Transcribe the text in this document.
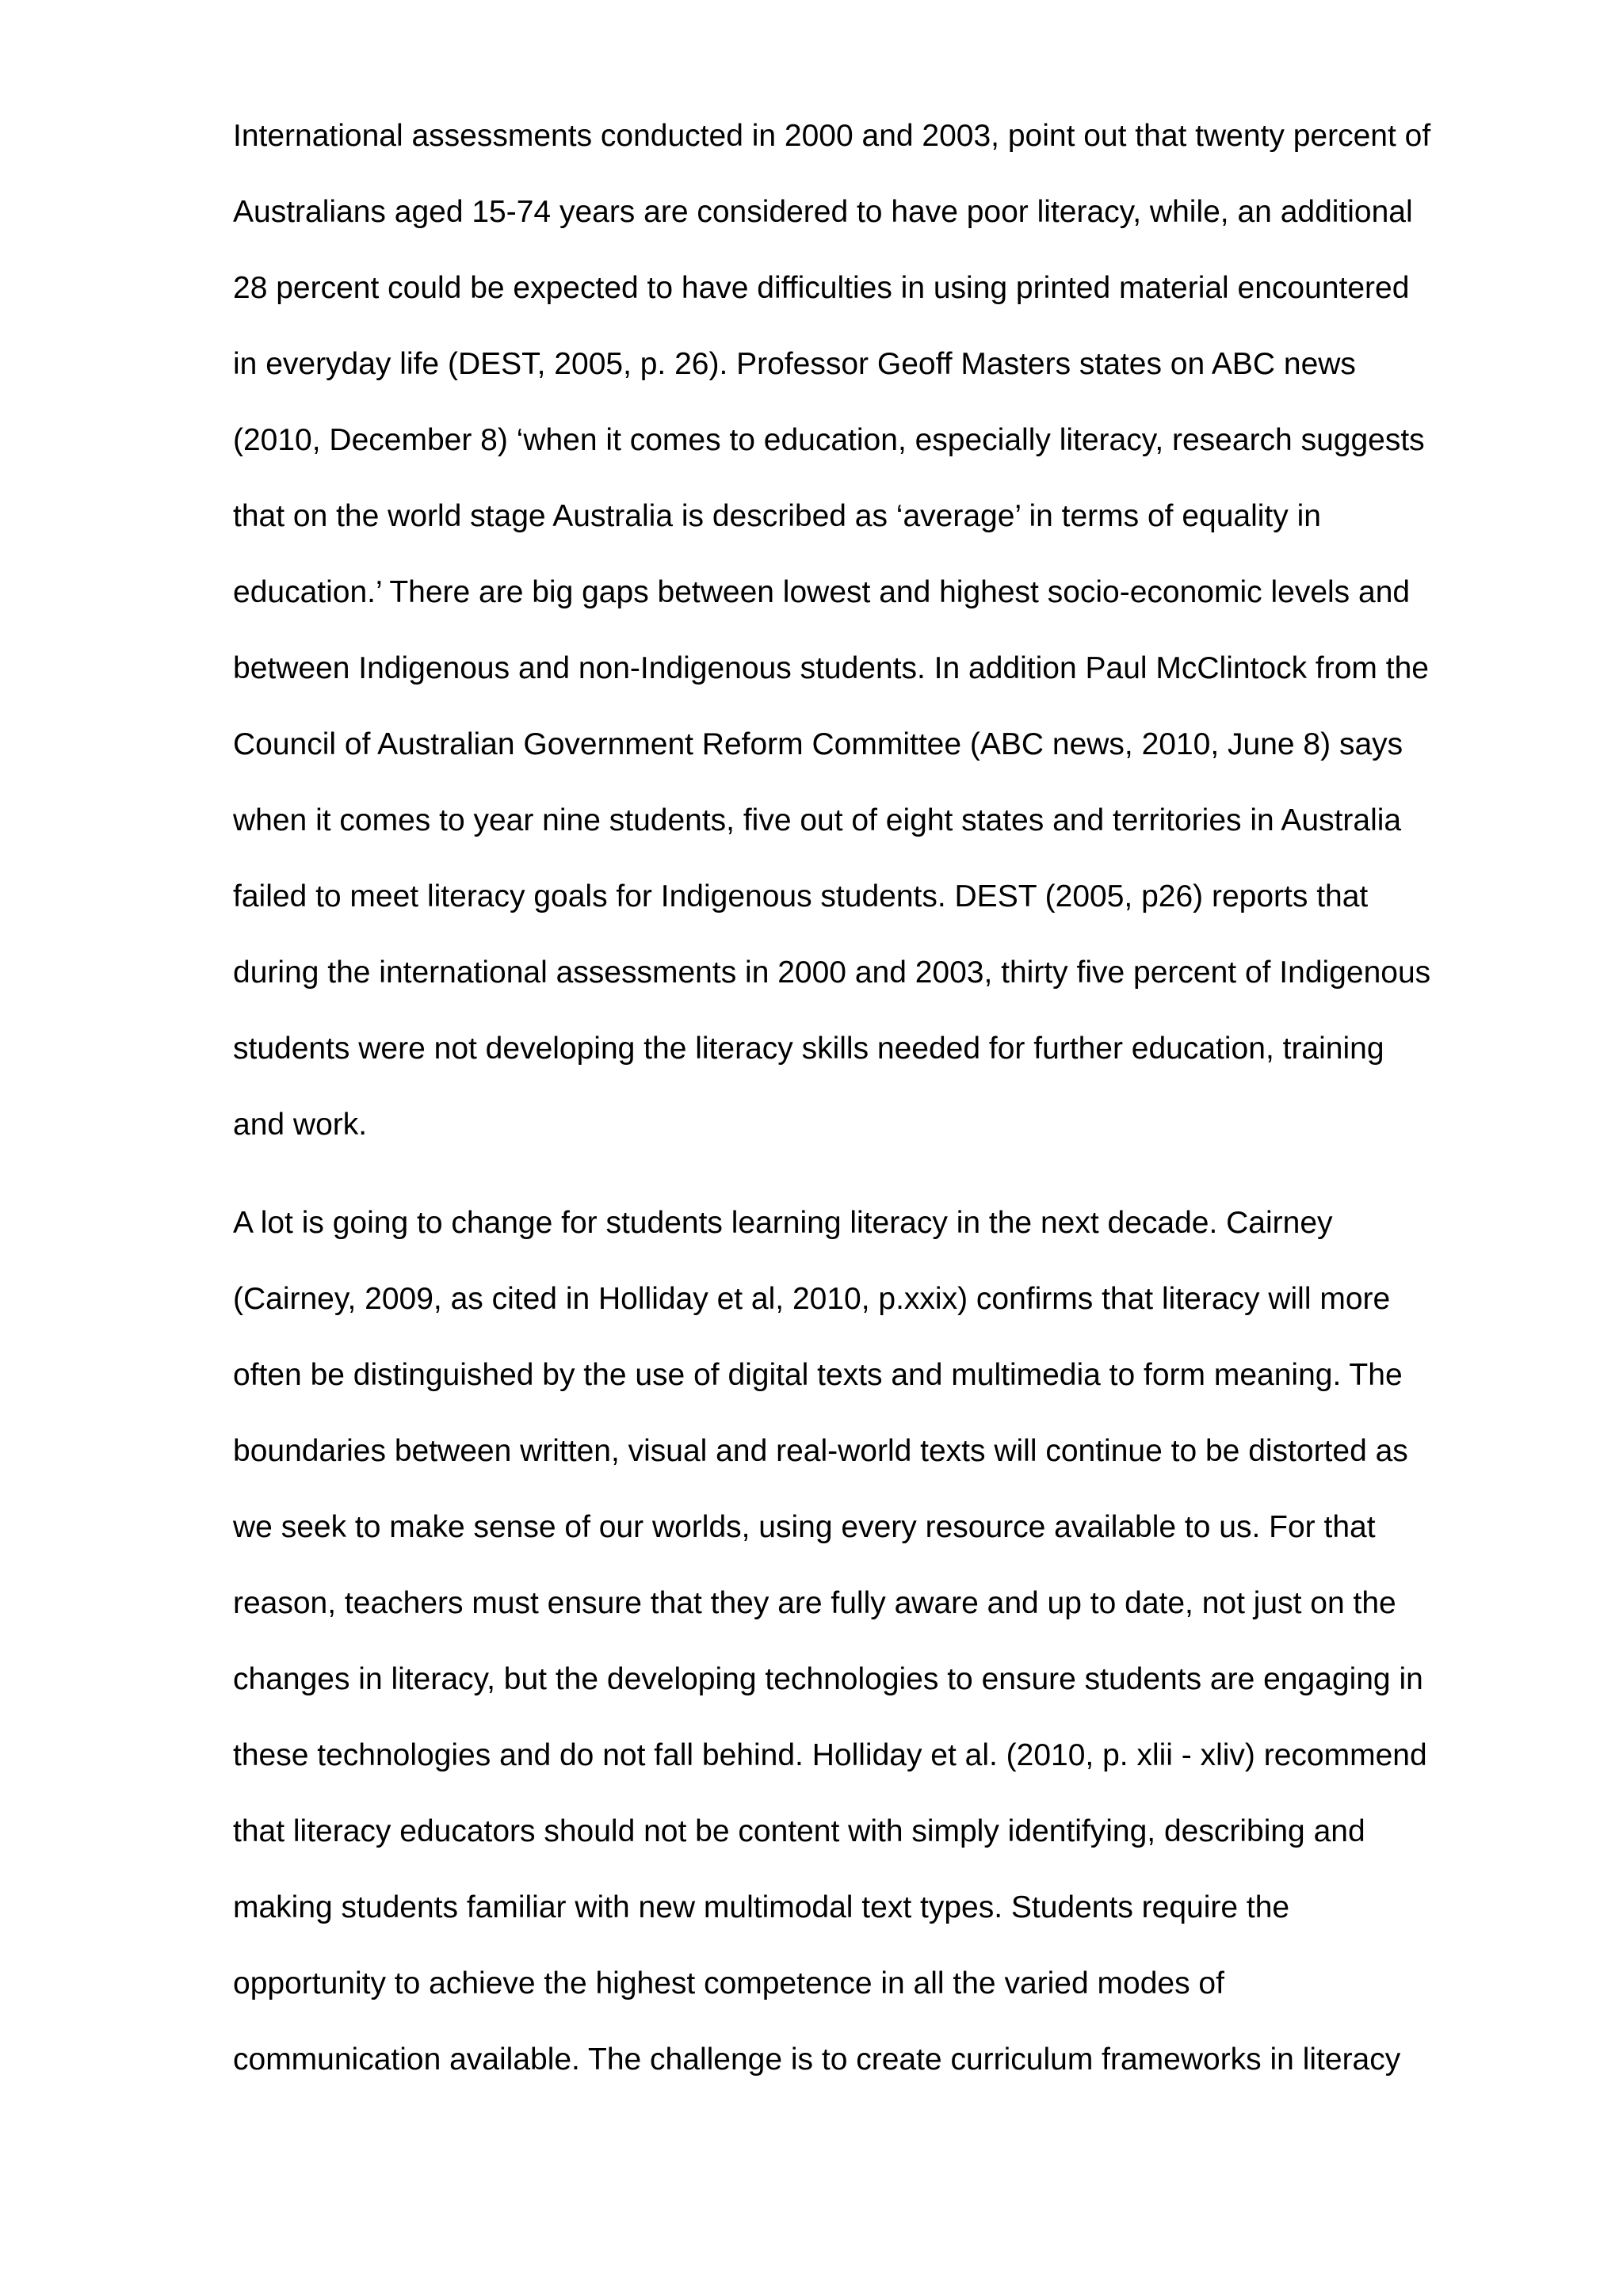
International assessments conducted in 2000 and 2003, point out that twenty percent of
Australians aged 15-74 years are considered to have poor literacy, while, an additional
28 percent could be expected to have difficulties in using printed material encountered
in everyday life (DEST, 2005, p. 26). Professor Geoff Masters states on ABC news
(2010, December 8) ‘when it comes to education, especially literacy, research suggests
that on the world stage Australia is described as ‘average’ in terms of equality in
education.’ There are big gaps between lowest and highest socio-economic levels and
between Indigenous and non-Indigenous students. In addition Paul McClintock from the
Council of Australian Government Reform Committee (ABC news, 2010, June 8) says
when it comes to year nine students, five out of eight states and territories in Australia
failed to meet literacy goals for Indigenous students. DEST (2005, p26) reports that
during the international assessments in 2000 and 2003, thirty five percent of Indigenous
students were not developing the literacy skills needed for further education, training
and work.
A lot is going to change for students learning literacy in the next decade. Cairney
(Cairney, 2009, as cited in Holliday et al, 2010, p.xxix) confirms that literacy will more
often be distinguished by the use of digital texts and multimedia to form meaning. The
boundaries between written, visual and real-world texts will continue to be distorted as
we seek to make sense of our worlds, using every resource available to us. For that
reason, teachers must ensure that they are fully aware and up to date, not just on the
changes in literacy, but the developing technologies to ensure students are engaging in
these technologies and do not fall behind. Holliday et al. (2010, p. xlii - xliv) recommend
that literacy educators should not be content with simply identifying, describing and
making students familiar with new multimodal text types. Students require the
opportunity to achieve the highest competence in all the varied modes of
communication available. The challenge is to create curriculum frameworks in literacy
